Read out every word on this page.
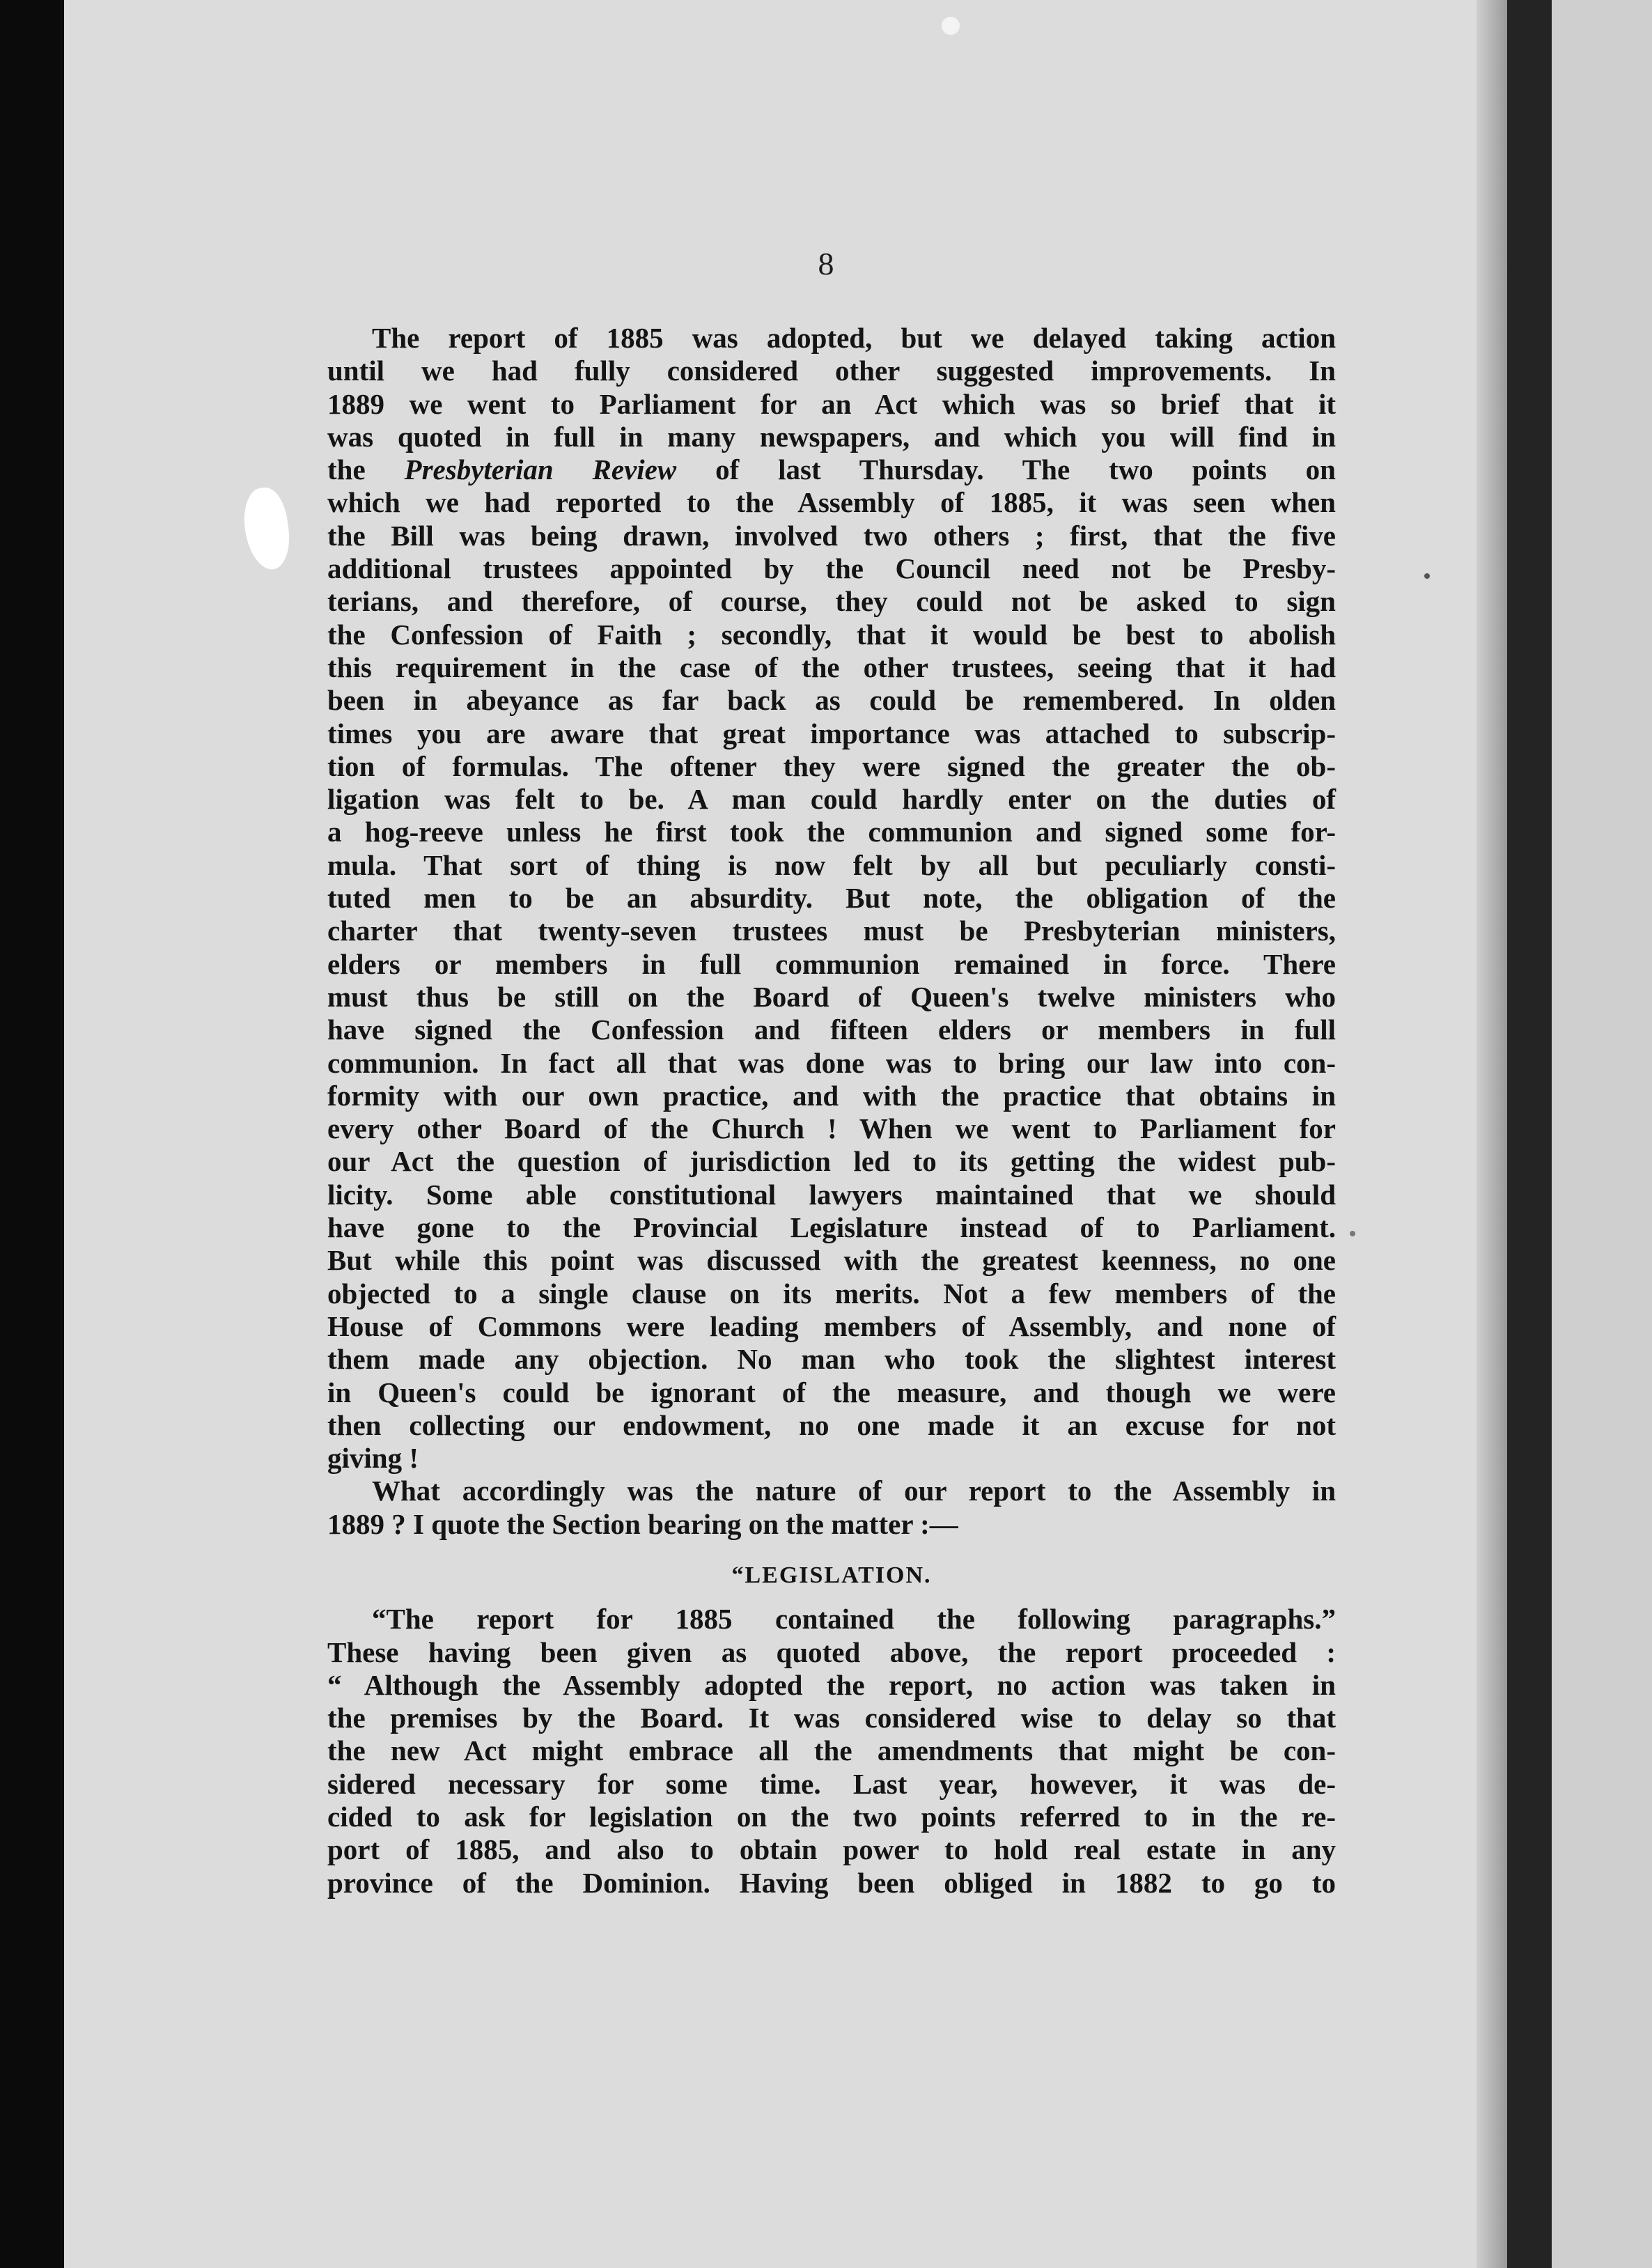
8
The report of 1885 was adopted, but we delayed taking action
until we had fully considered other suggested improvements. In
1889 we went to Parliament for an Act which was so brief that it
was quoted in full in many newspapers, and which you will find in
the Presbyterian Review of last Thursday. The two points on
which we had reported to the Assembly of 1885, it was seen when
the Bill was being drawn, involved two others ; first, that the five
additional trustees appointed by the Council need not be Presby-
terians, and therefore, of course, they could not be asked to sign
the Confession of Faith ; secondly, that it would be best to abolish
this requirement in the case of the other trustees, seeing that it had
been in abeyance as far back as could be remembered. In olden
times you are aware that great importance was attached to subscrip-
tion of formulas. The oftener they were signed the greater the ob-
ligation was felt to be. A man could hardly enter on the duties of
a hog-reeve unless he first took the communion and signed some for-
mula. That sort of thing is now felt by all but peculiarly consti-
tuted men to be an absurdity. But note, the obligation of the
charter that twenty-seven trustees must be Presbyterian ministers,
elders or members in full communion remained in force. There
must thus be still on the Board of Queen's twelve ministers who
have signed the Confession and fifteen elders or members in full
communion. In fact all that was done was to bring our law into con-
formity with our own practice, and with the practice that obtains in
every other Board of the Church ! When we went to Parliament for
our Act the question of jurisdiction led to its getting the widest pub-
licity. Some able constitutional lawyers maintained that we should
have gone to the Provincial Legislature instead of to Parliament.
But while this point was discussed with the greatest keenness, no one
objected to a single clause on its merits. Not a few members of the
House of Commons were leading members of Assembly, and none of
them made any objection. No man who took the slightest interest
in Queen's could be ignorant of the measure, and though we were
then collecting our endowment, no one made it an excuse for not
giving !
What accordingly was the nature of our report to the Assembly in
1889 ? I quote the Section bearing on the matter :—

“LEGISLATION.

“The report for 1885 contained the following paragraphs.”
These having been given as quoted above, the report proceeded :
“ Although the Assembly adopted the report, no action was taken in
the premises by the Board. It was considered wise to delay so that
the new Act might embrace all the amendments that might be con-
sidered necessary for some time. Last year, however, it was de-
cided to ask for legislation on the two points referred to in the re-
port of 1885, and also to obtain power to hold real estate in any
province of the Dominion. Having been obliged in 1882 to go to
